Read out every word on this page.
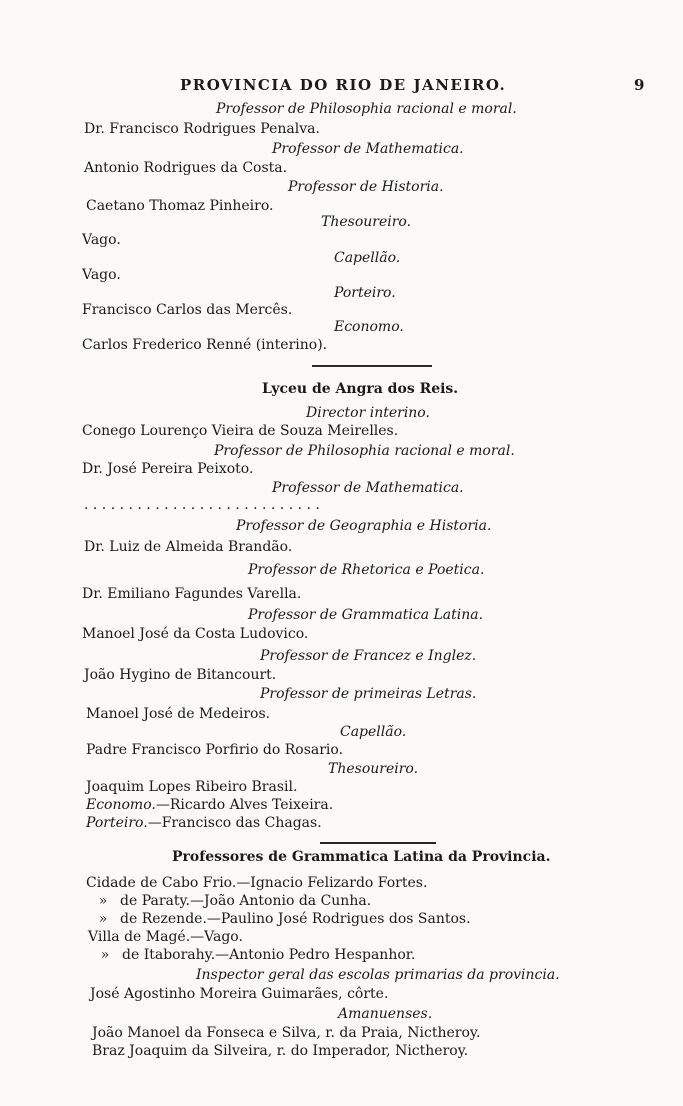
PROVINCIA DO RIO DE JANEIRO.	9
Professor de Philosophia racional e moral.
Dr. Francisco Rodrigues Penalva.
Professor de Mathematica.
Antonio Rodrigues da Costa.
Professor de Historia.
Caetano Thomaz Pinheiro.
Thesoureiro.
Vago.
Capellão.
Vago.
Porteiro.
Francisco Carlos das Mercês.
Economo.
Carlos Frederico Renné (interino).
Lyceu de Angra dos Reis.
Director interino.
Conego Lourenço Vieira de Souza Meirelles.
Professor de Philosophia racional e moral.
Dr. José Pereira Peixoto.
Professor de Mathematica.
. . . . . . . . . . . . . . . . . . . . . . . . . . .
Professor de Geographia e Historia.
Dr. Luiz de Almeida Brandão.
Professor de Rhetorica e Poetica.
Dr. Emiliano Fagundes Varella.
Professor de Grammatica Latina.
Manoel José da Costa Ludovico.
Professor de Francez e Inglez.
João Hygino de Bitancourt.
Professor de primeiras Letras.
Manoel José de Medeiros.
Capellão.
Padre Francisco Porfirio do Rosario.
Thesoureiro.
Joaquim Lopes Ribeiro Brasil.
Economo.—Ricardo Alves Teixeira.
Porteiro.—Francisco das Chagas.
Professores de Grammatica Latina da Provincia.
Cidade de Cabo Frio.—Ignacio Felizardo Fortes.
» de Paraty.—João Antonio da Cunha.
» de Rezende.—Paulino José Rodrigues dos Santos.
Villa de Magé.—Vago.
» de Itaborahy.—Antonio Pedro Hespanhor.
Inspector geral das escolas primarias da provincia.
José Agostinho Moreira Guimarães, côrte.
Amanuenses.
João Manoel da Fonseca e Silva, r. da Praia, Nictheroy.
Braz Joaquim da Silveira, r. do Imperador, Nictheroy.
